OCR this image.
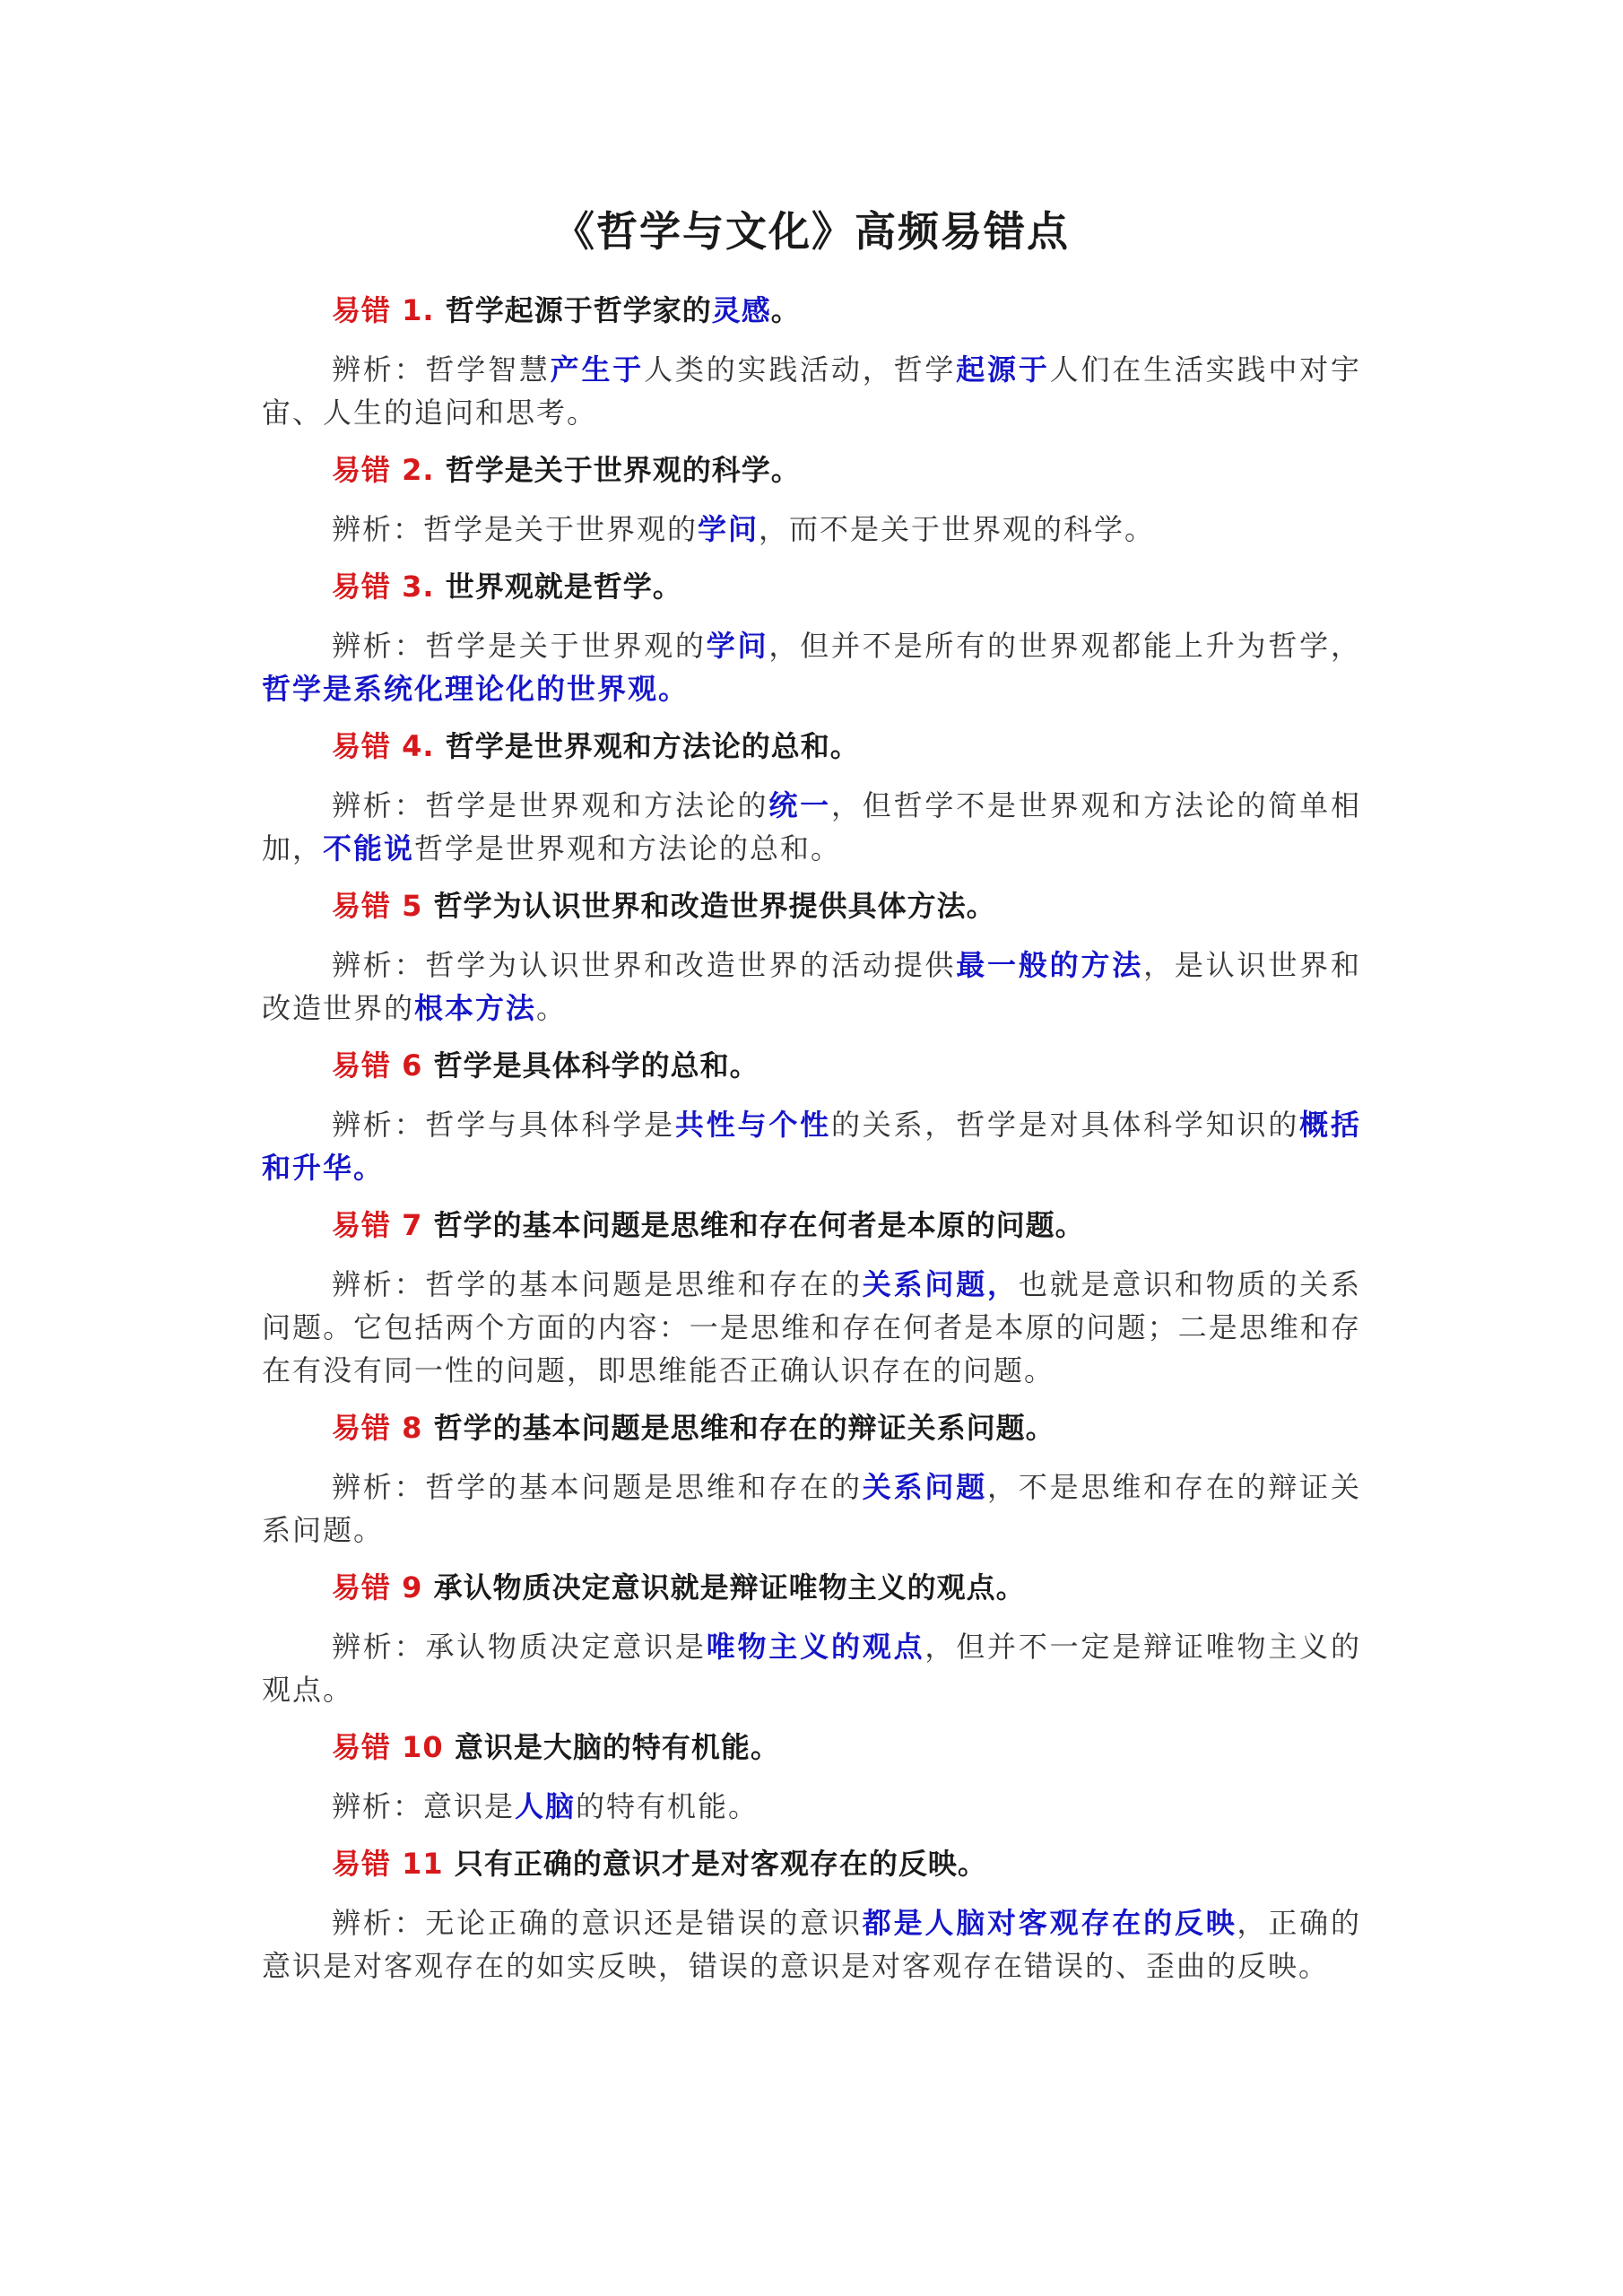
《哲学与文化》高频易错点

易错 1. 哲学起源于哲学家的灵感。

辨析：哲学智慧产生于人类的实践活动，哲学起源于人们在生活实践中对宇宙、人生的追问和思考。

易错 2. 哲学是关于世界观的科学。

辨析：哲学是关于世界观的学问，而不是关于世界观的科学。

易错 3. 世界观就是哲学。

辨析：哲学是关于世界观的学问，但并不是所有的世界观都能上升为哲学，哲学是系统化理论化的世界观。

易错 4. 哲学是世界观和方法论的总和。

辨析：哲学是世界观和方法论的统一，但哲学不是世界观和方法论的简单相加，不能说哲学是世界观和方法论的总和。

易错 5 哲学为认识世界和改造世界提供具体方法。

辨析：哲学为认识世界和改造世界的活动提供最一般的方法，是认识世界和改造世界的根本方法。

易错 6 哲学是具体科学的总和。

辨析：哲学与具体科学是共性与个性的关系，哲学是对具体科学知识的概括和升华。

易错 7 哲学的基本问题是思维和存在何者是本原的问题。

辨析：哲学的基本问题是思维和存在的关系问题，也就是意识和物质的关系问题。它包括两个方面的内容：一是思维和存在何者是本原的问题；二是思维和存在有没有同一性的问题，即思维能否正确认识存在的问题。

易错 8 哲学的基本问题是思维和存在的辩证关系问题。

辨析：哲学的基本问题是思维和存在的关系问题，不是思维和存在的辩证关系问题。

易错 9 承认物质决定意识就是辩证唯物主义的观点。

辨析：承认物质决定意识是唯物主义的观点，但并不一定是辩证唯物主义的观点。

易错 10 意识是大脑的特有机能。

辨析：意识是人脑的特有机能。

易错 11 只有正确的意识才是对客观存在的反映。

辨析：无论正确的意识还是错误的意识都是人脑对客观存在的反映，正确的意识是对客观存在的如实反映，错误的意识是对客观存在错误的、歪曲的反映。
